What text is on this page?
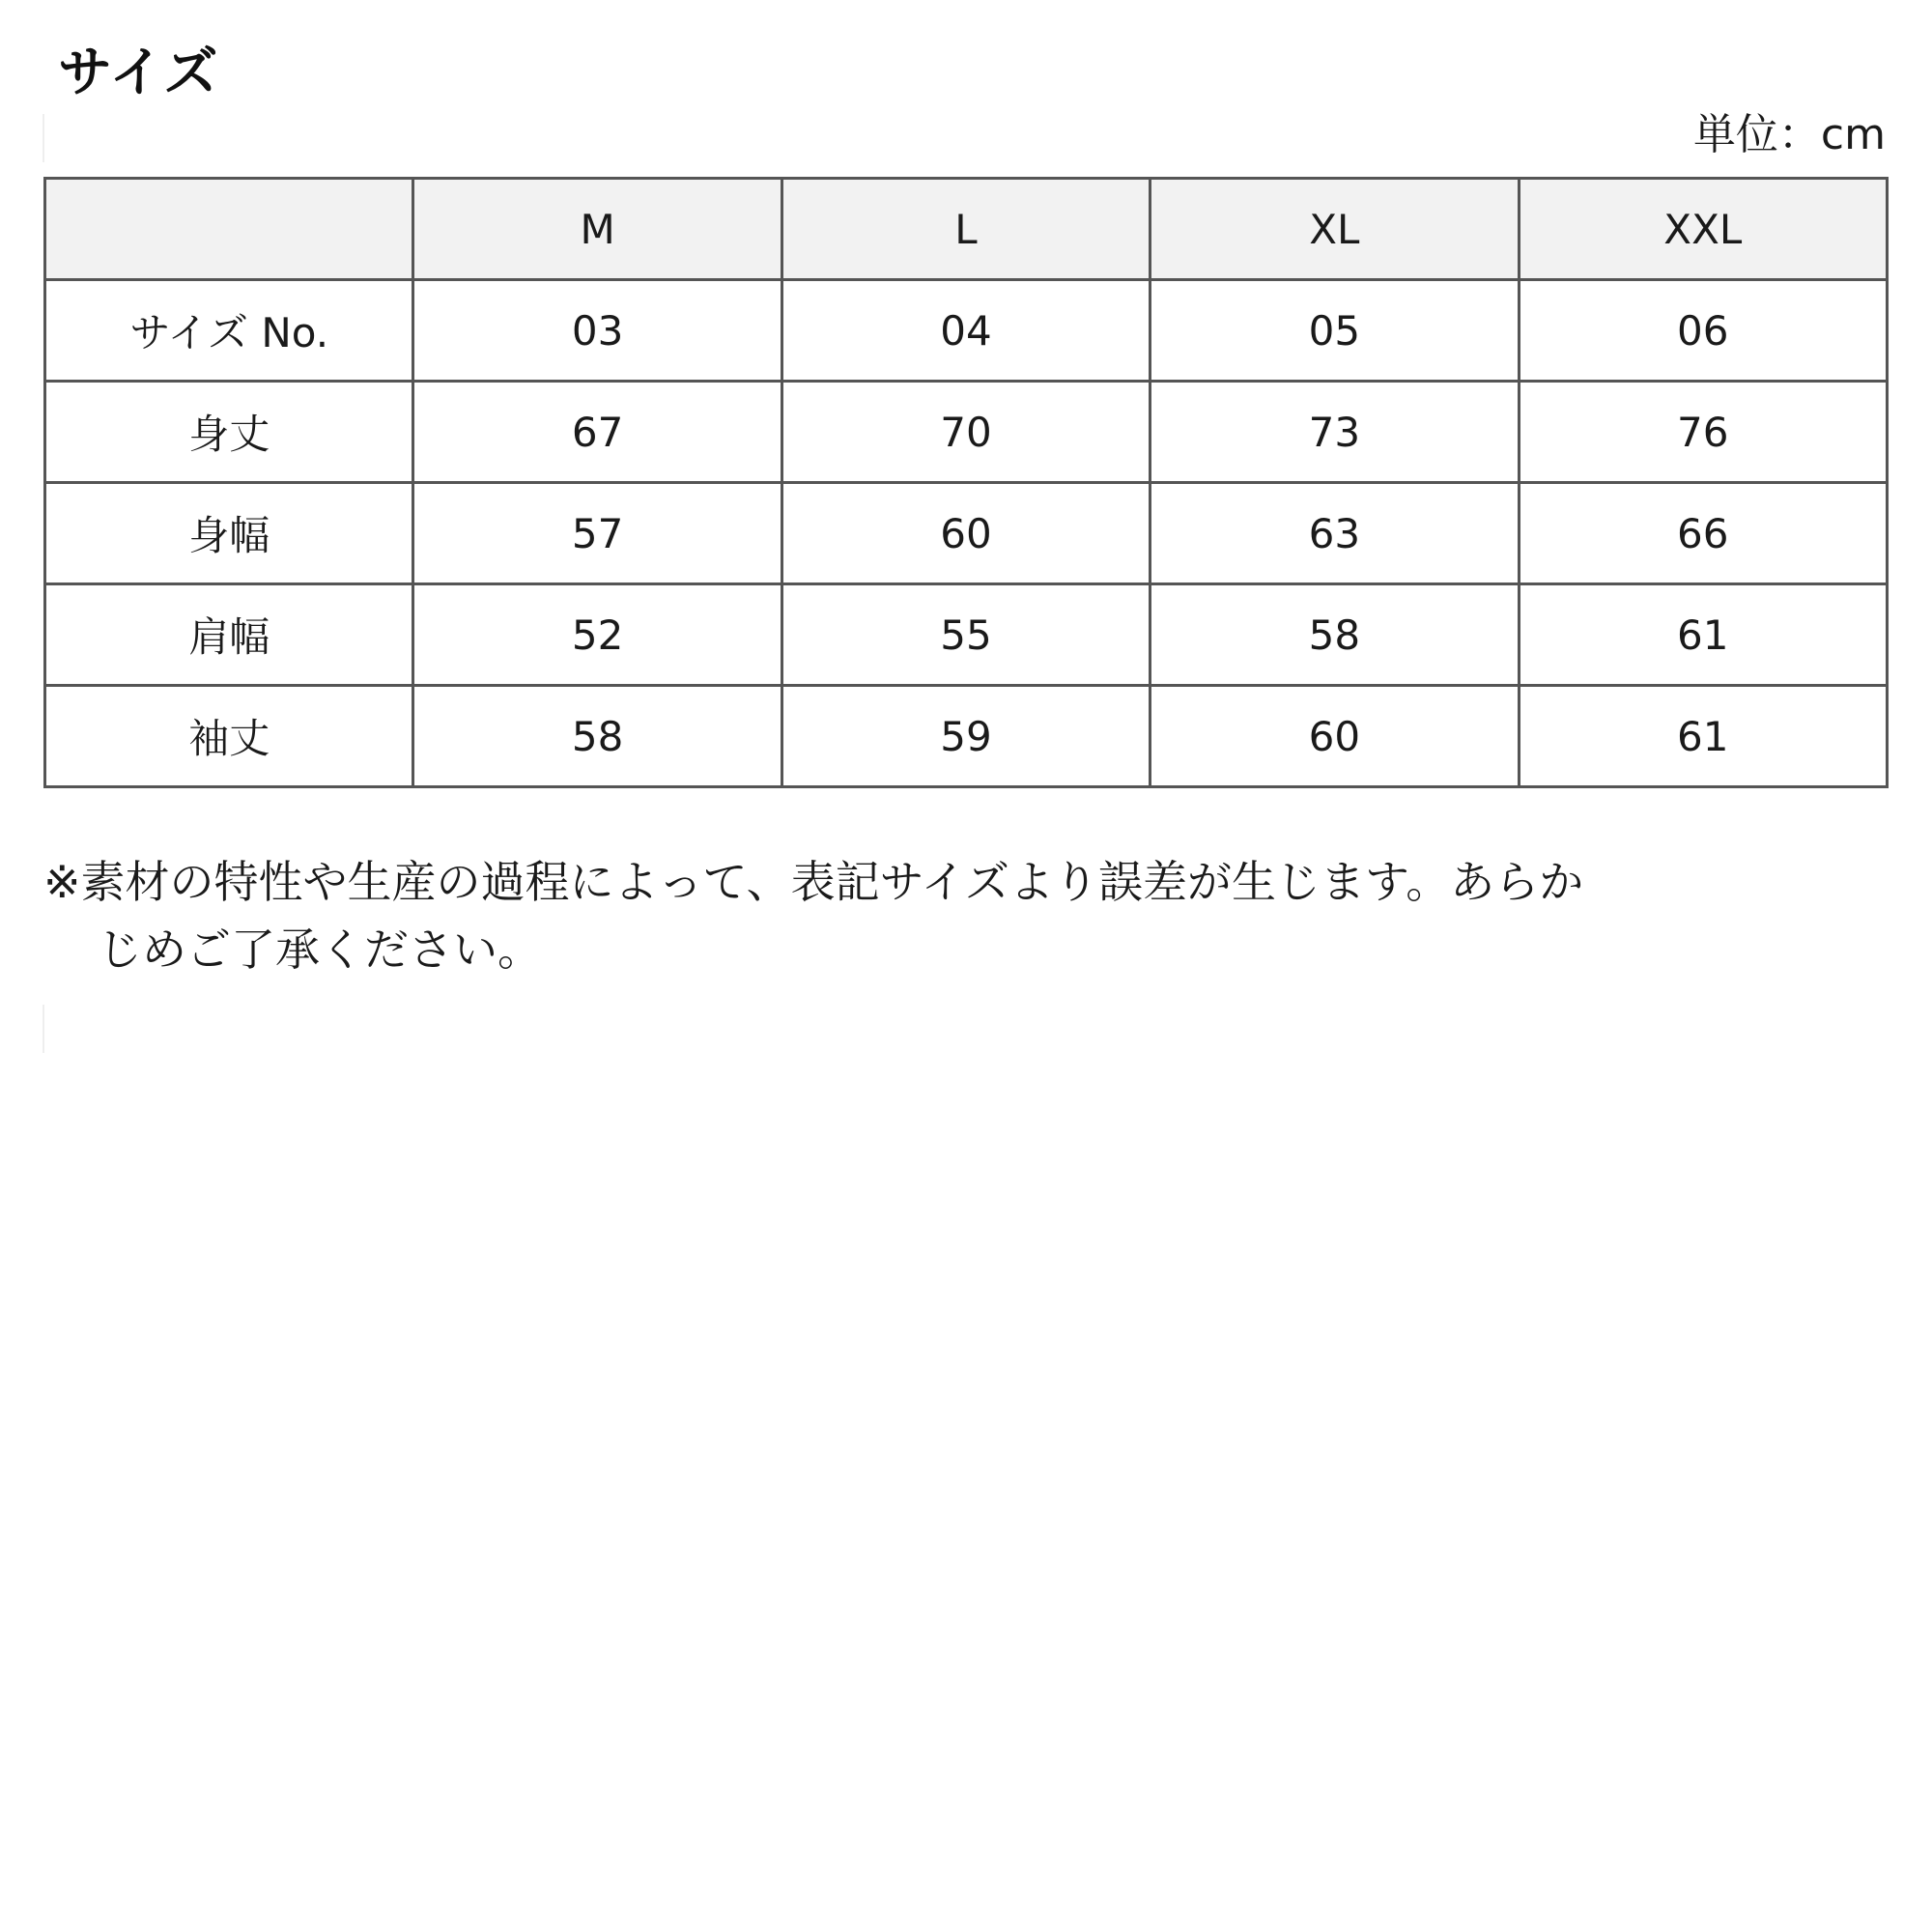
サイズ
単位：cm
	M	L	XL	XXL
サイズ No.	03	04	05	06
身丈	67	70	73	76
身幅	57	60	63	66
肩幅	52	55	58	61
袖丈	58	59	60	61
※素材の特性や生産の過程によって、表記サイズより誤差が生じます。あらか
じめご了承ください。
